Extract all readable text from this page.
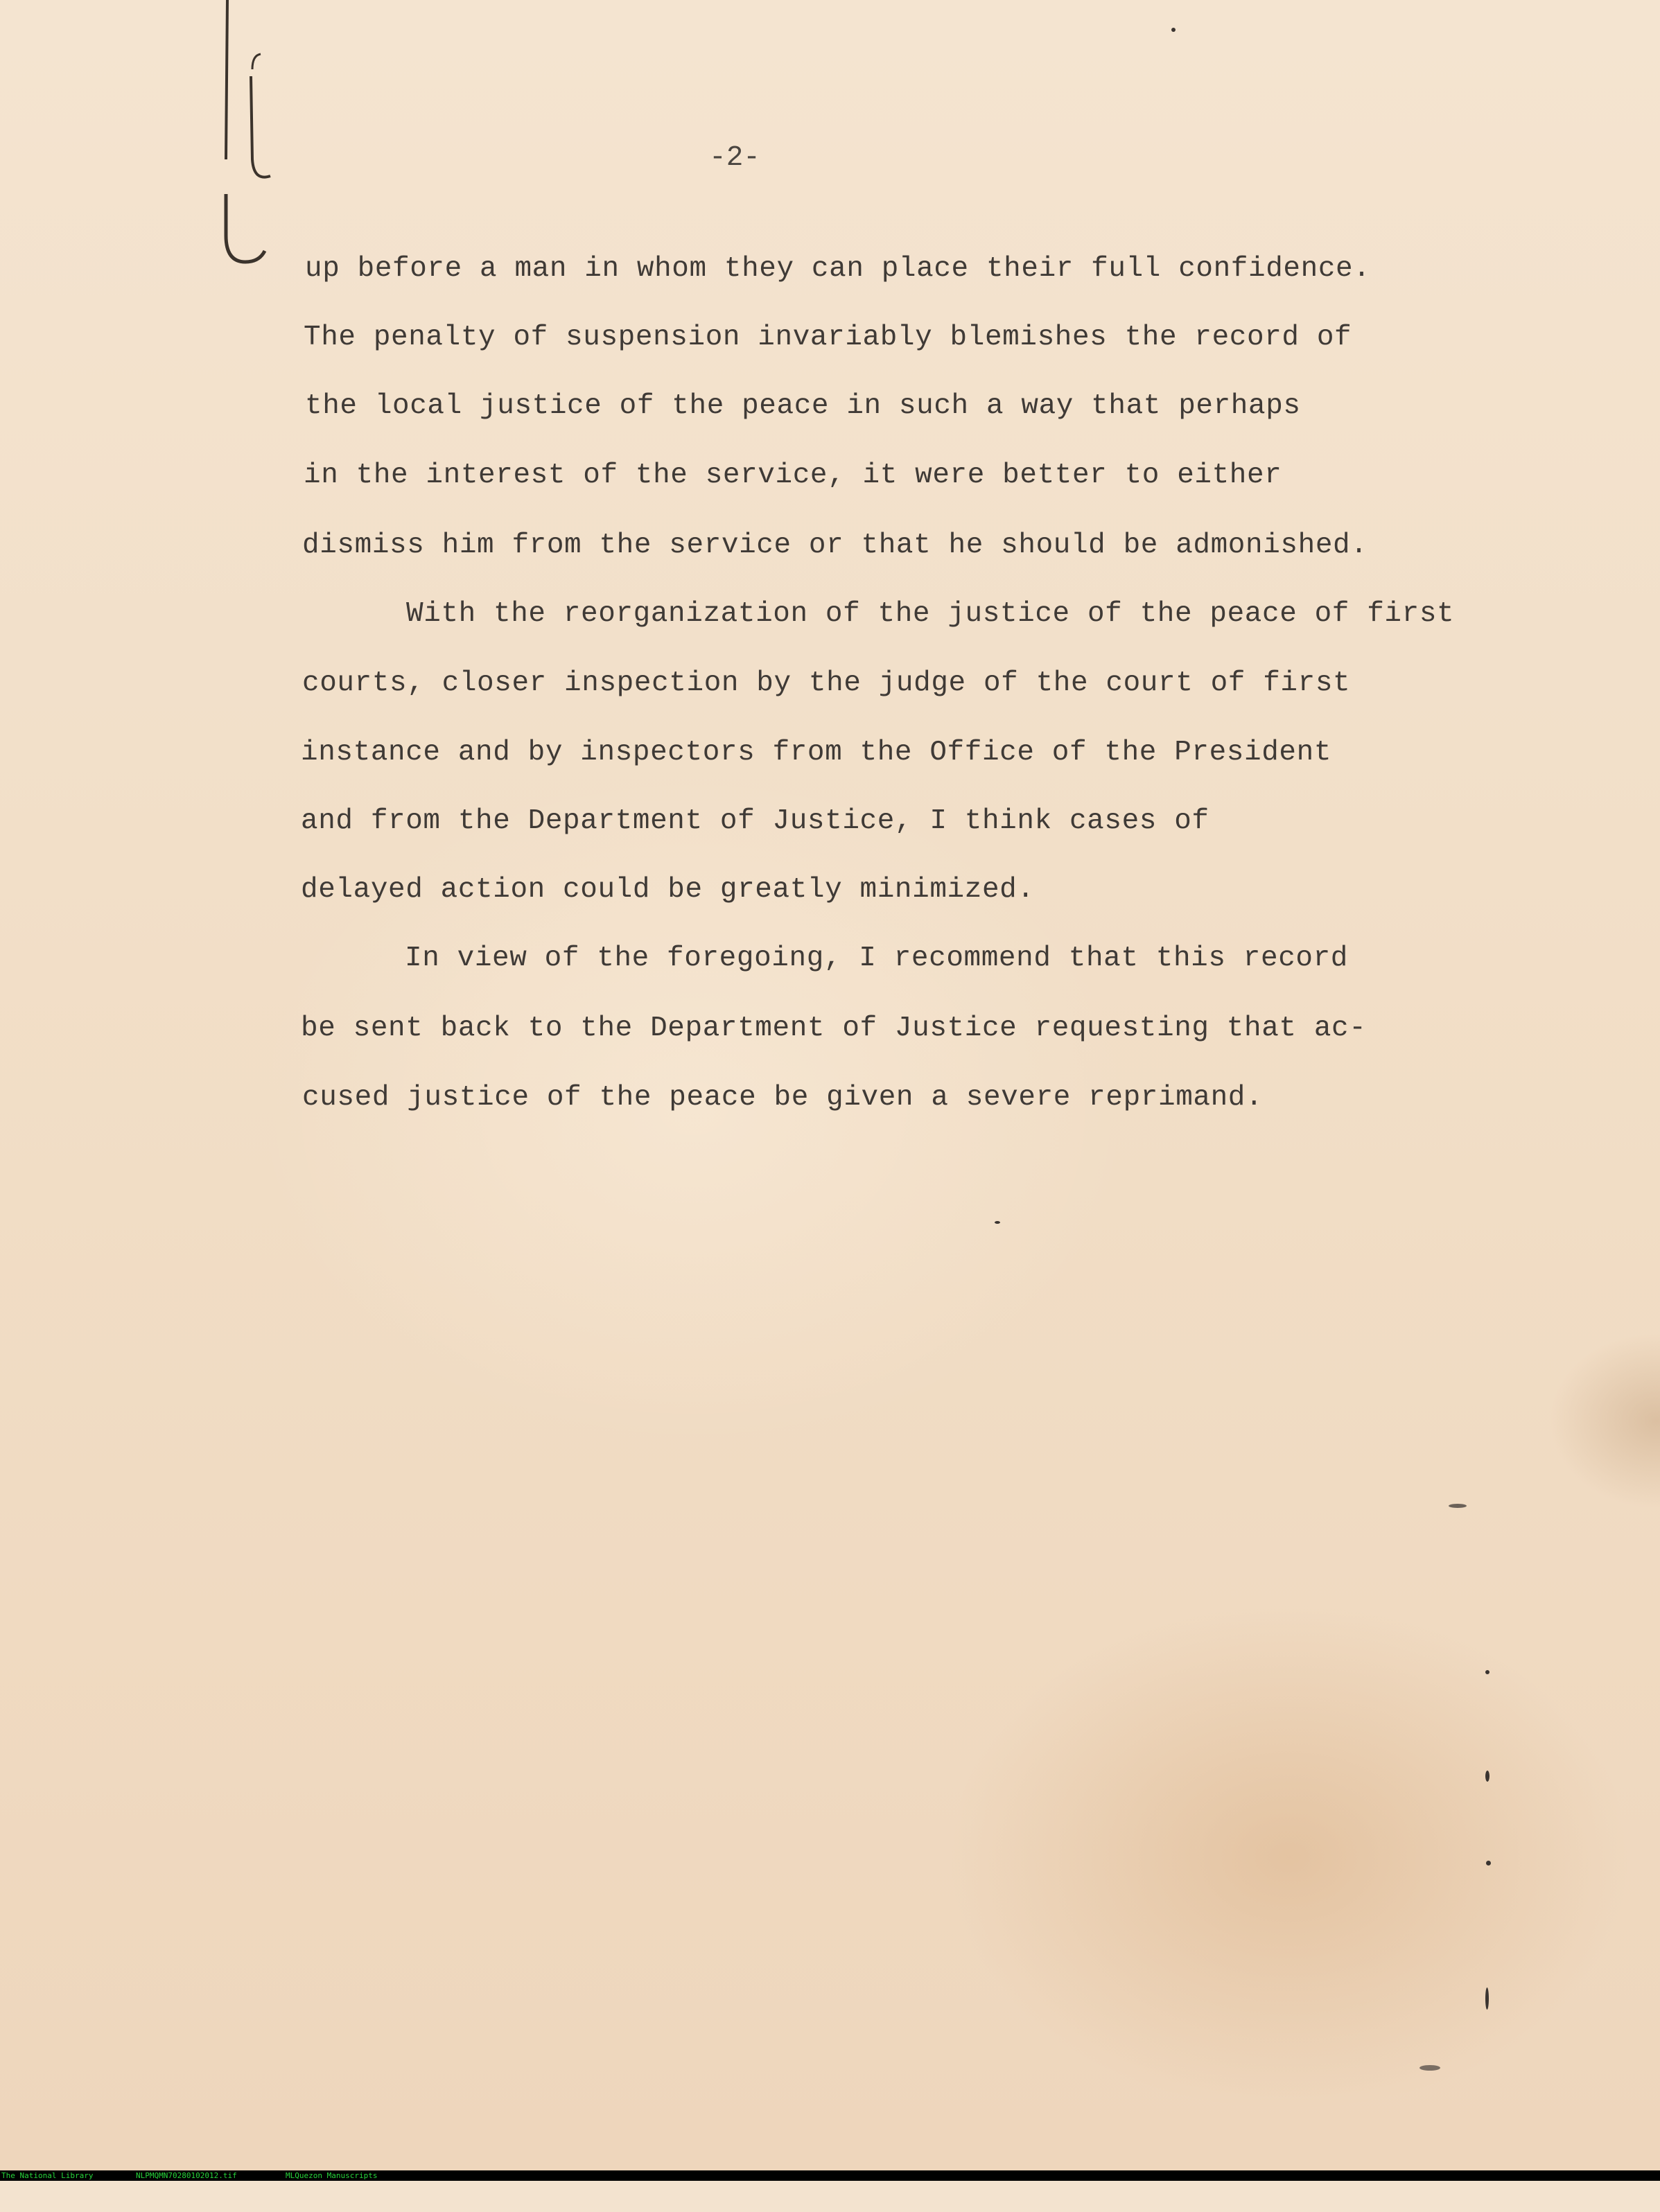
-2-
up before a man in whom they can place their full confidence.
The penalty of suspension invariably blemishes the record of
the local justice of the peace in such a way that perhaps
in the interest of the service, it were better to either
dismiss him from the service or that he should be admonished.
With the reorganization of the justice of the peace of first
courts, closer inspection by the judge of the court of first
instance and by inspectors from the Office of the President
and from the Department of Justice, I think cases of
delayed action could be greatly minimized.
In view of the foregoing, I recommend that this record
be sent back to the Department of Justice requesting that ac-
cused justice of the peace be given a severe reprimand.

The National Library

	NLPMQMN70280102012.tif

	MLQuezon Manuscripts
